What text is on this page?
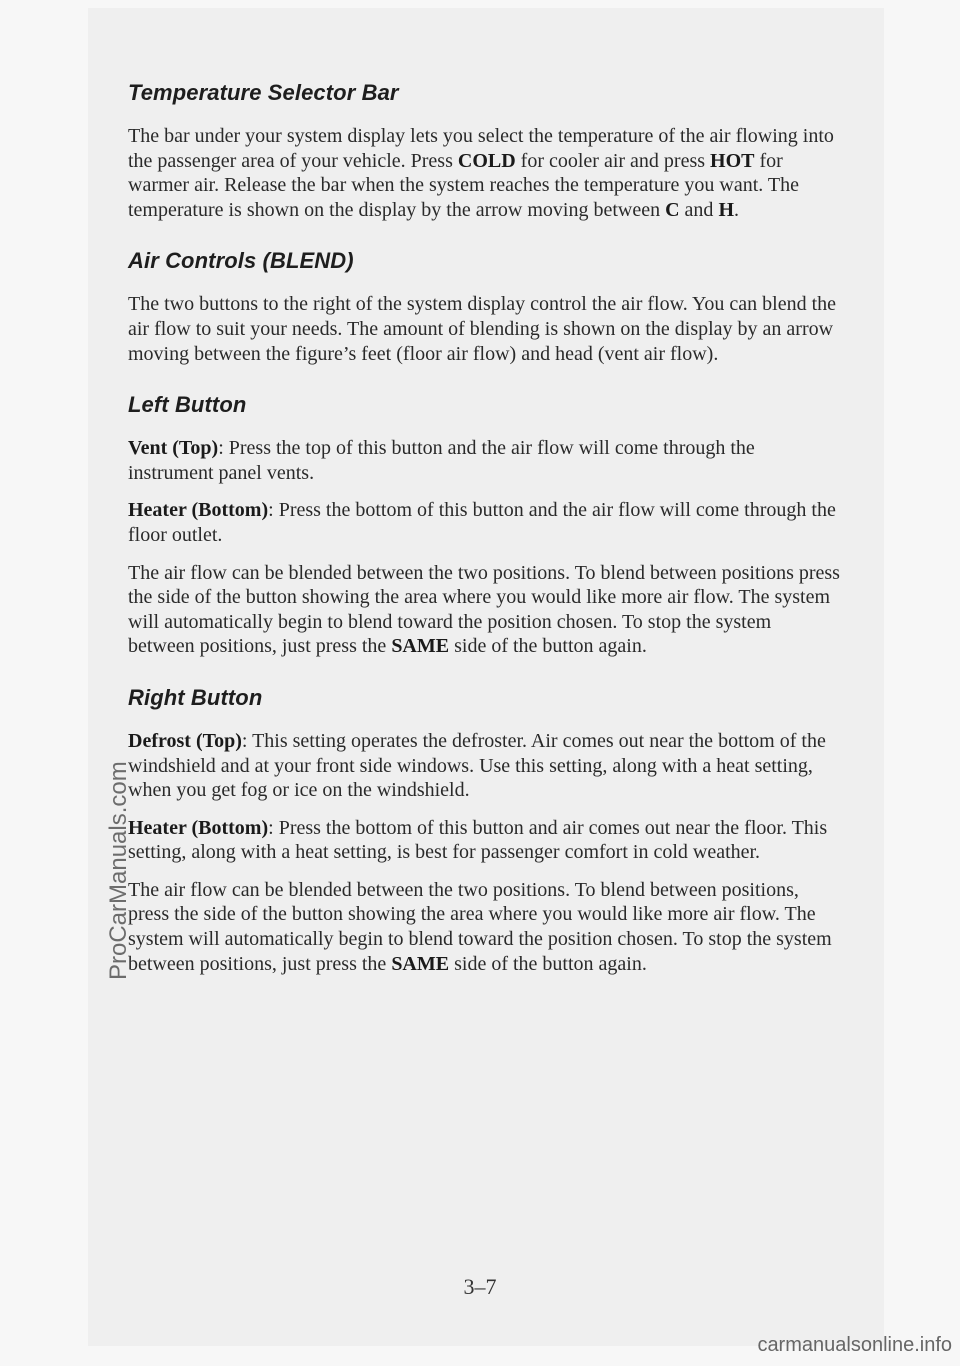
Temperature Selector Bar

The bar under your system display lets you select the temperature of the air flowing into the passenger area of your vehicle. Press COLD for cooler air and press HOT for warmer air. Release the bar when the system reaches the temperature you want. The temperature is shown on the display by the arrow moving between C and H.

Air Controls (BLEND)

The two buttons to the right of the system display control the air flow. You can blend the air flow to suit your needs. The amount of blending is shown on the display by an arrow moving between the figure’s feet (floor air flow) and head (vent air flow).

Left Button

Vent (Top): Press the top of this button and the air flow will come through the instrument panel vents.

Heater (Bottom): Press the bottom of this button and the air flow will come through the floor outlet.

The air flow can be blended between the two positions. To blend between positions press the side of the button showing the area where you would like more air flow. The system will automatically begin to blend toward the position chosen. To stop the system between positions, just press the SAME side of the button again.

Right Button

Defrost (Top): This setting operates the defroster. Air comes out near the bottom of the windshield and at your front side windows. Use this setting, along with a heat setting, when you get fog or ice on the windshield.

Heater (Bottom): Press the bottom of this button and air comes out near the floor. This setting, along with a heat setting, is best for passenger comfort in cold weather.

The air flow can be blended between the two positions. To blend between positions, press the side of the button showing the area where you would like more air flow. The system will automatically begin to blend toward the position chosen. To stop the system between positions, just press the SAME side of the button again.

3–7
ProCarManuals.com
carmanualsonline.info
